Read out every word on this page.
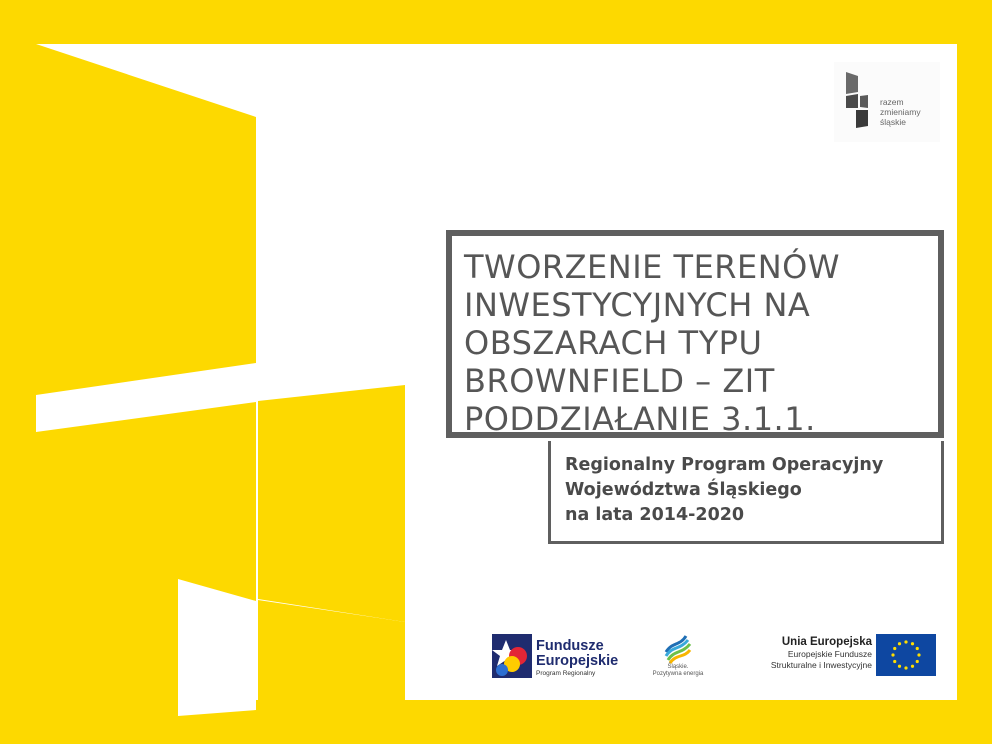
TWORZENIE TERENÓW
INWESTYCYJNYCH NA
OBSZARACH TYPU
BROWNFIELD – ZIT
PODDZIAŁANIE 3.1.1.
Regionalny Program Operacyjny
Województwa Śląskiego
na lata 2014-2020
razem
zmieniamy
śląskie
Fundusze
Europejskie
Program Regionalny
Śląskie.
Pozytywna energia
Unia Europejska
Europejskie Fundusze
Strukturalne i Inwestycyjne
